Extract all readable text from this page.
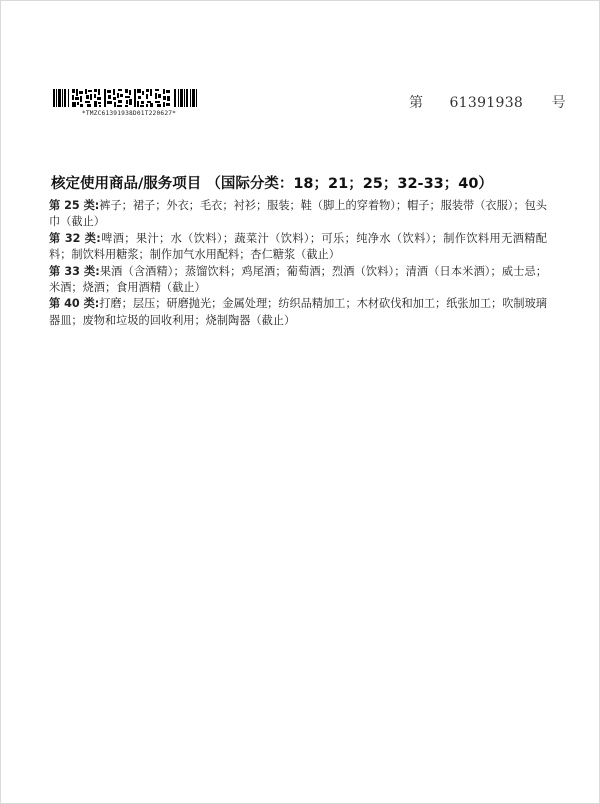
*TMZC61391938D01T220627*
第 61391938 号
核定使用商品/服务项目 （国际分类：18；21；25；32-33；40）

第 25 类:裤子；裙子；外衣；毛衣；衬衫；服装；鞋（脚上的穿着物）；帽子；服装带（衣服）；包头巾（截止）

第 32 类:啤酒；果汁；水（饮料）；蔬菜汁（饮料）；可乐；纯净水（饮料）；制作饮料用无酒精配料；制饮料用糖浆；制作加气水用配料；杏仁糖浆（截止）

第 33 类:果酒（含酒精）；蒸馏饮料；鸡尾酒；葡萄酒；烈酒（饮料）；清酒（日本米酒）；威士忌；米酒；烧酒；食用酒精（截止）

第 40 类:打磨；层压；研磨抛光；金属处理；纺织品精加工；木材砍伐和加工；纸张加工；吹制玻璃器皿；废物和垃圾的回收利用；烧制陶器（截止）
